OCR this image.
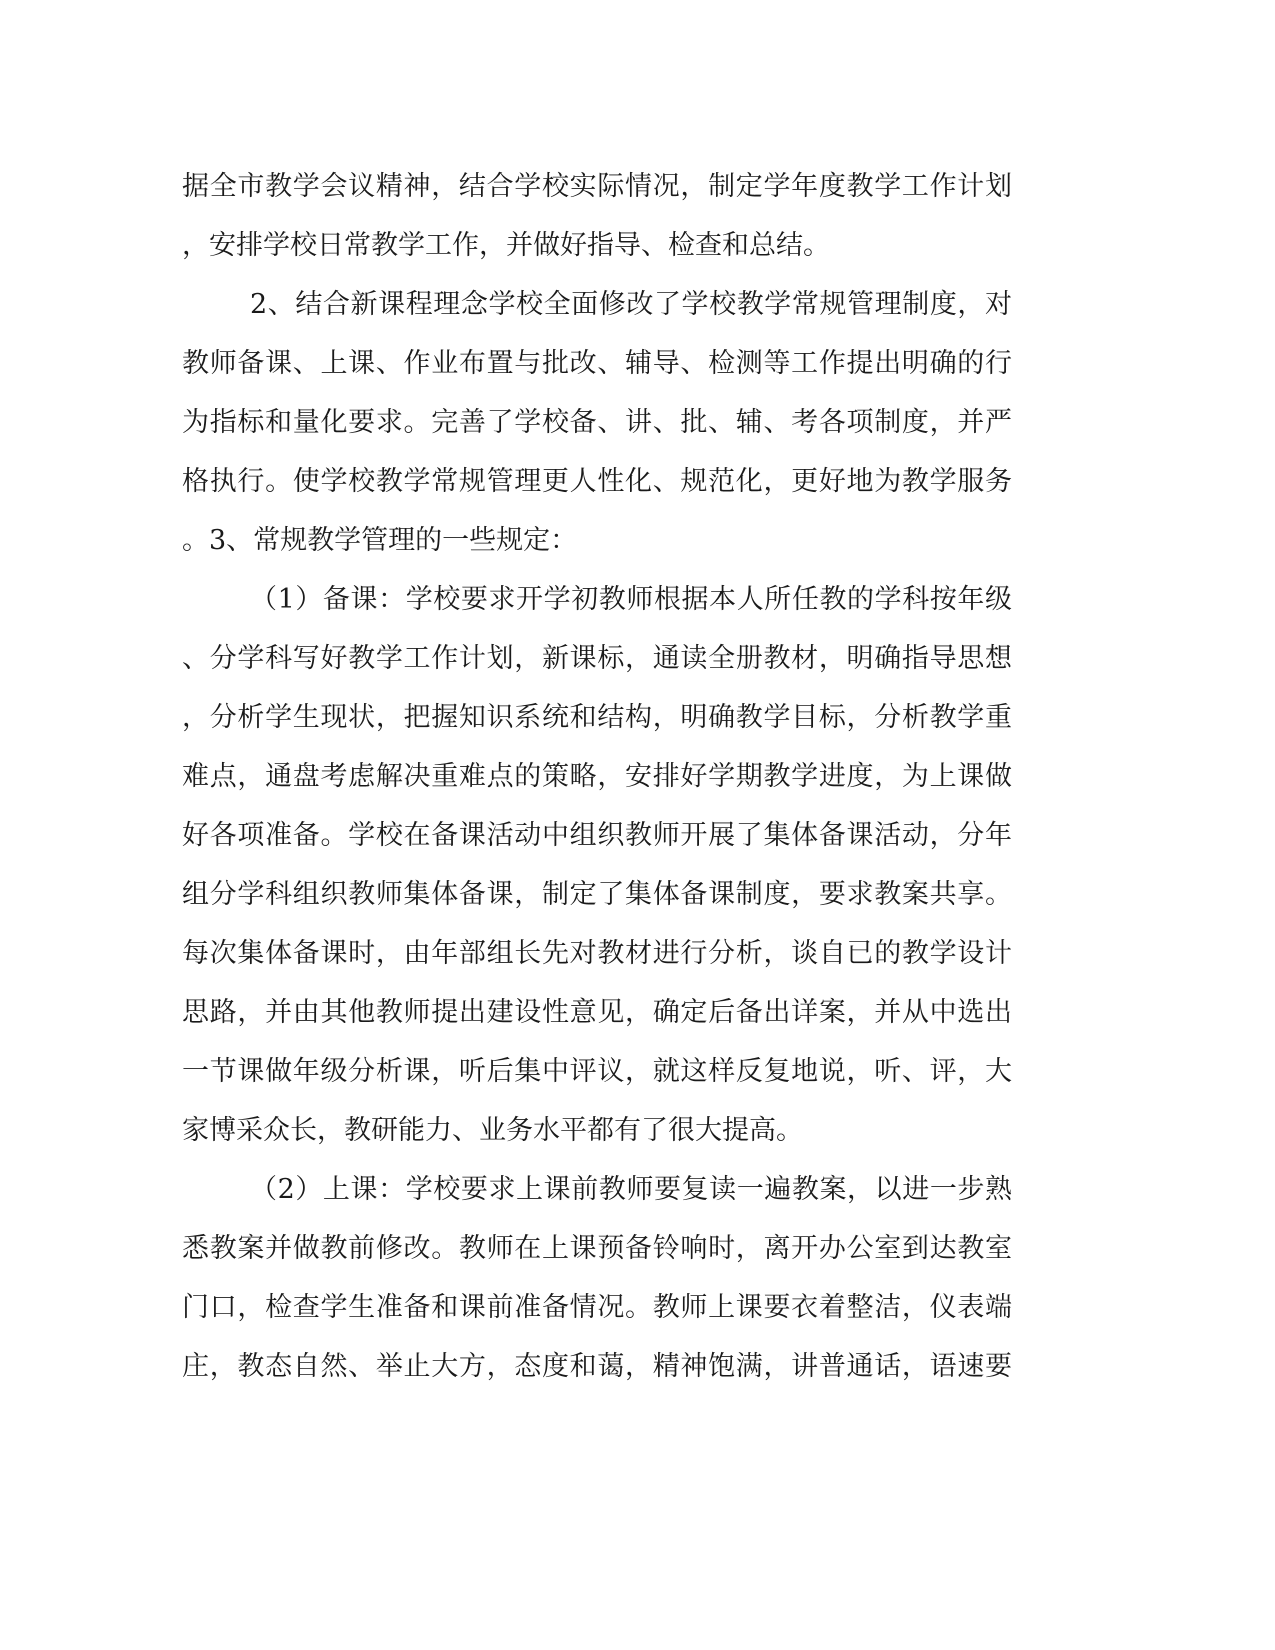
据全市教学会议精神，结合学校实际情况，制定学年度教学工作计划
，安排学校日常教学工作，并做好指导、检查和总结。
2、结合新课程理念学校全面修改了学校教学常规管理制度，对
教师备课、上课、作业布置与批改、辅导、检测等工作提出明确的行
为指标和量化要求。完善了学校备、讲、批、辅、考各项制度，并严
格执行。使学校教学常规管理更人性化、规范化，更好地为教学服务
。3、常规教学管理的一些规定：
（1）备课：学校要求开学初教师根据本人所任教的学科按年级
、分学科写好教学工作计划，新课标，通读全册教材，明确指导思想
，分析学生现状，把握知识系统和结构，明确教学目标，分析教学重
难点，通盘考虑解决重难点的策略，安排好学期教学进度，为上课做
好各项准备。学校在备课活动中组织教师开展了集体备课活动，分年
组分学科组织教师集体备课，制定了集体备课制度，要求教案共享。
每次集体备课时，由年部组长先对教材进行分析，谈自已的教学设计
思路，并由其他教师提出建设性意见，确定后备出详案，并从中选出
一节课做年级分析课，听后集中评议，就这样反复地说，听、评，大
家博采众长，教研能力、业务水平都有了很大提高。
（2）上课：学校要求上课前教师要复读一遍教案，以进一步熟
悉教案并做教前修改。教师在上课预备铃响时，离开办公室到达教室
门口，检查学生准备和课前准备情况。教师上课要衣着整洁，仪表端
庄，教态自然、举止大方，态度和蔼，精神饱满，讲普通话，语速要
